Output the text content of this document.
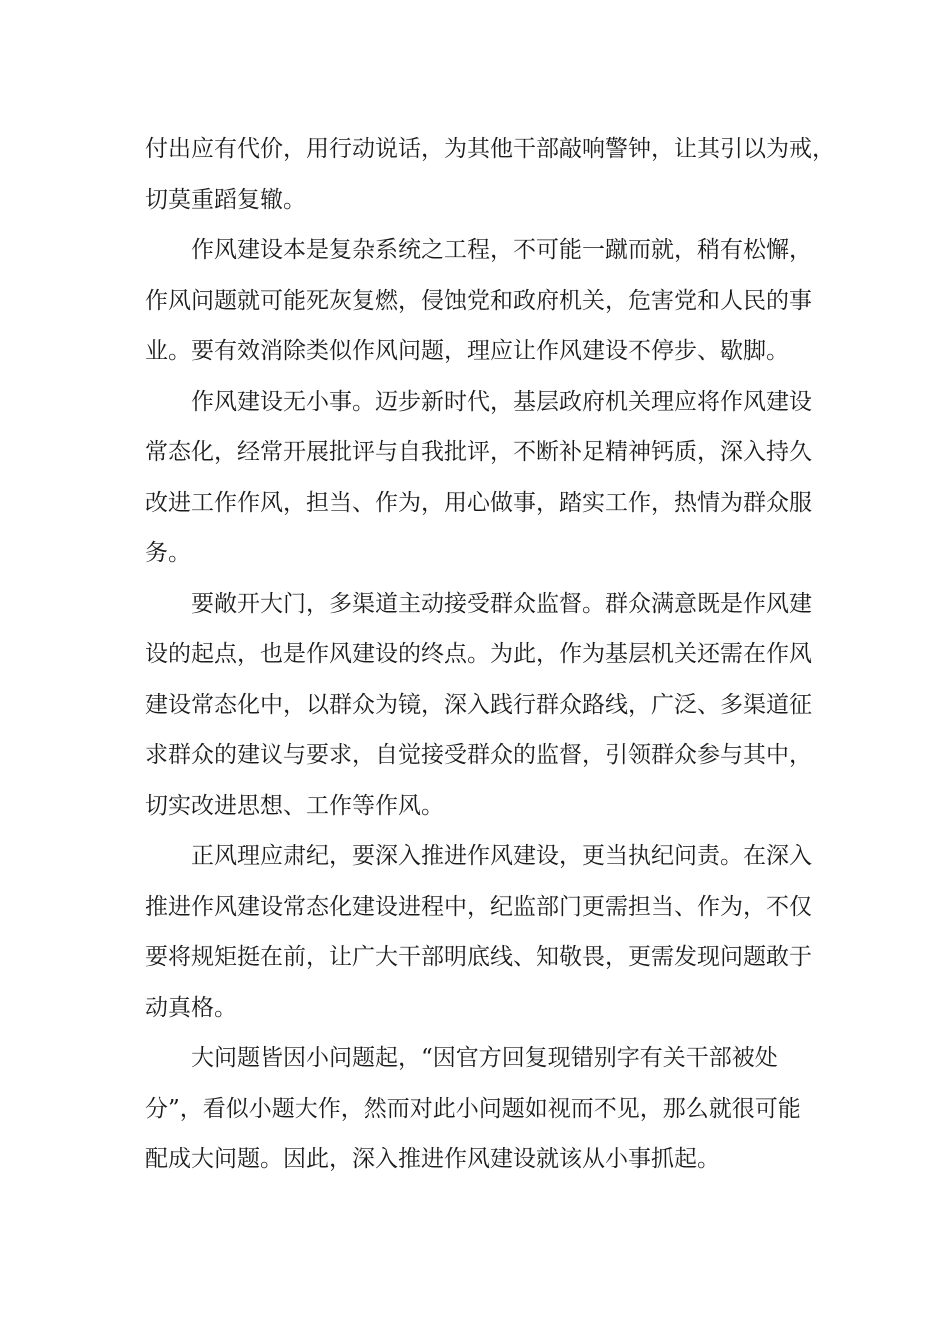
付出应有代价，用行动说话，为其他干部敲响警钟，让其引以为戒，
切莫重蹈复辙。
作风建设本是复杂系统之工程，不可能一蹴而就，稍有松懈，
作风问题就可能死灰复燃，侵蚀党和政府机关，危害党和人民的事
业。要有效消除类似作风问题，理应让作风建设不停步、歇脚。
作风建设无小事。迈步新时代，基层政府机关理应将作风建设
常态化，经常开展批评与自我批评，不断补足精神钙质，深入持久
改进工作作风，担当、作为，用心做事，踏实工作，热情为群众服
务。
要敞开大门，多渠道主动接受群众监督。群众满意既是作风建
设的起点，也是作风建设的终点。为此，作为基层机关还需在作风
建设常态化中，以群众为镜，深入践行群众路线，广泛、多渠道征
求群众的建议与要求，自觉接受群众的监督，引领群众参与其中，
切实改进思想、工作等作风。
正风理应肃纪，要深入推进作风建设，更当执纪问责。在深入
推进作风建设常态化建设进程中，纪监部门更需担当、作为，不仅
要将规矩挺在前，让广大干部明底线、知敬畏，更需发现问题敢于
动真格。
大问题皆因小问题起，“因官方回复现错别字有关干部被处
分”，看似小题大作，然而对此小问题如视而不见，那么就很可能
配成大问题。因此，深入推进作风建设就该从小事抓起。
